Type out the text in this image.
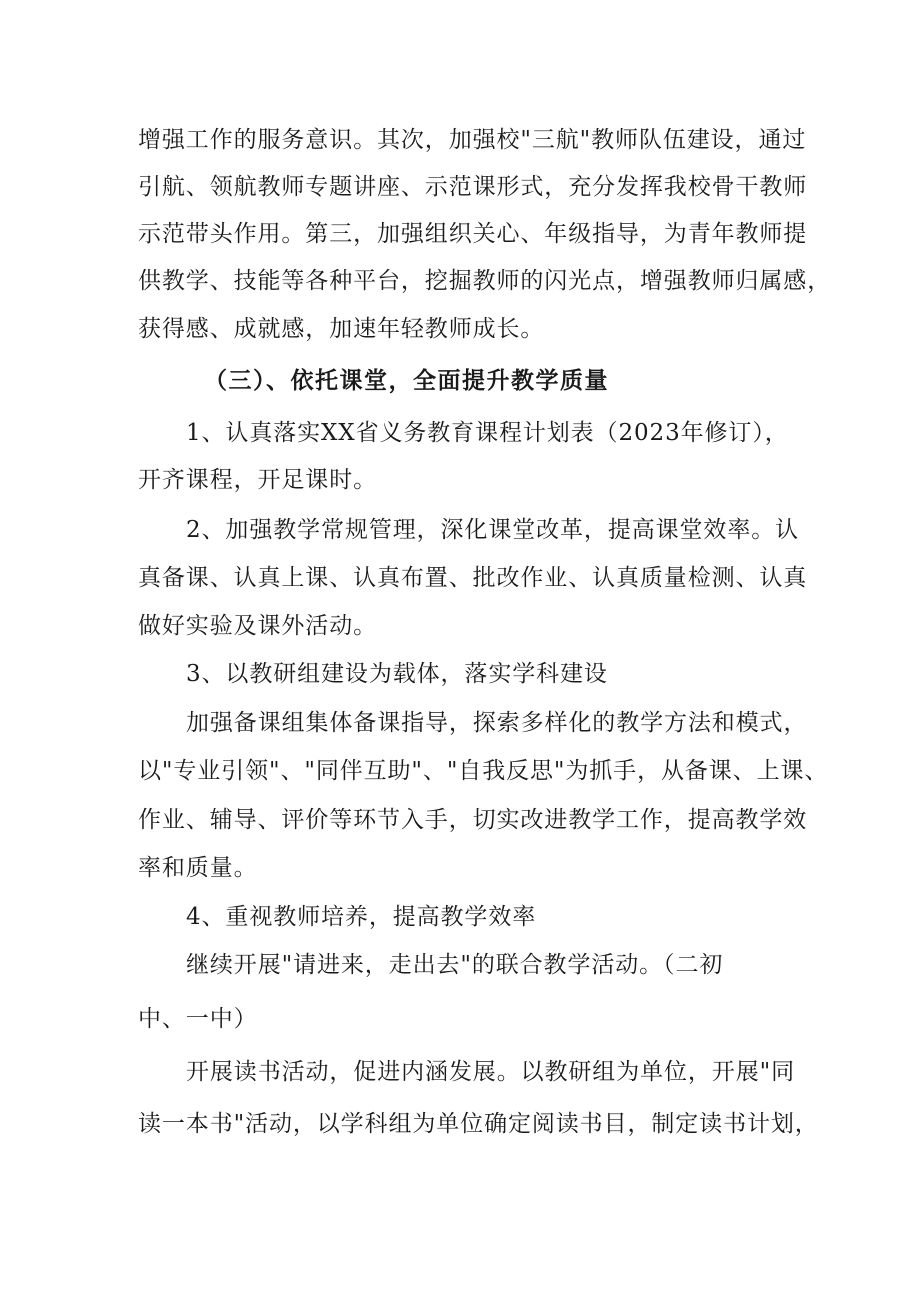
增强工作的服务意识。其次，加强校"三航"教师队伍建设，通过
引航、领航教师专题讲座、示范课形式，充分发挥我校骨干教师
示范带头作用。第三，加强组织关心、年级指导，为青年教师提
供教学、技能等各种平台，挖掘教师的闪光点，增强教师归属感，
获得感、成就感，加速年轻教师成长。
（三）、依托课堂，全面提升教学质量
1、认真落实XX省义务教育课程计划表（2023年修订），
开齐课程，开足课时。
2、加强教学常规管理，深化课堂改革，提高课堂效率。认
真备课、认真上课、认真布置、批改作业、认真质量检测、认真
做好实验及课外活动。
3、以教研组建设为载体，落实学科建设
加强备课组集体备课指导，探索多样化的教学方法和模式，
以"专业引领"、"同伴互助"、"自我反思"为抓手，从备课、上课、
作业、辅导、评价等环节入手，切实改进教学工作，提高教学效
率和质量。
4、重视教师培养，提高教学效率
继续开展"请进来，走出去"的联合教学活动。（二初
中、一中）
开展读书活动，促进内涵发展。以教研组为单位，开展"同
读一本书"活动，以学科组为单位确定阅读书目，制定读书计划，
